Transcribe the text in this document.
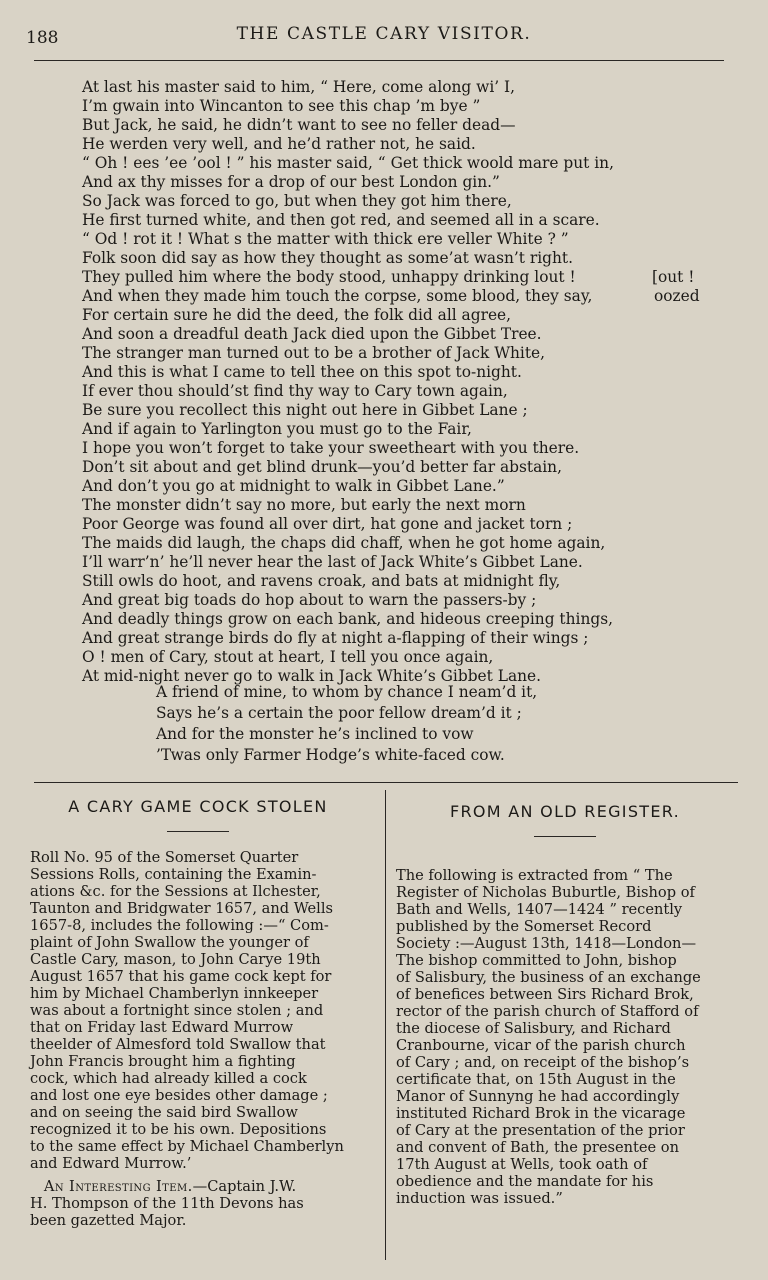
188	THE CASTLE CARY VISITOR.
At last his master said to him, “ Here, come along wi’ I,
I’m gwain into Wincanton to see this chap ’m bye ”
But Jack, he said, he didn’t want to see no feller dead—
He werden very well, and he’d rather not, he said.
“ Oh ! ees ’ee ’ool ! ” his master said, “ Get thick woold mare put in,
And ax thy misses for a drop of our best London gin.”
So Jack was forced to go, but when they got him there,
He first turned white, and then got red, and seemed all in a scare.
“ Od ! rot it ! What s the matter with thick ere veller White ? ”
Folk soon did say as how they thought as some’at wasn’t right.
They pulled him where the body stood, unhappy drinking lout !	[out !
And when they made him touch the corpse, some blood, they say,	oozed
For certain sure he did the deed, the folk did all agree,
And soon a dreadful death Jack died upon the Gibbet Tree.
The stranger man turned out to be a brother of Jack White,
And this is what I came to tell thee on this spot to-night.
If ever thou should’st find thy way to Cary town again,
Be sure you recollect this night out here in Gibbet Lane ;
And if again to Yarlington you must go to the Fair,
I hope you won’t forget to take your sweetheart with you there.
Don’t sit about and get blind drunk—you’d better far abstain,
And don’t you go at midnight to walk in Gibbet Lane.”
The monster didn’t say no more, but early the next morn
Poor George was found all over dirt, hat gone and jacket torn ;
The maids did laugh, the chaps did chaff, when he got home again,
I’ll warr’n’ he’ll never hear the last of Jack White’s Gibbet Lane.
Still owls do hoot, and ravens croak, and bats at midnight fly,
And great big toads do hop about to warn the passers-by ;
And deadly things grow on each bank, and hideous creeping things,
And great strange birds do fly at night a-flapping of their wings ;
O ! men of Cary, stout at heart, I tell you once again,
At mid-night never go to walk in Jack White’s Gibbet Lane.
A friend of mine, to whom by chance I neam’d it,
Says he’s a certain the poor fellow dream’d it ;
And for the monster he’s inclined to vow
’Twas only Farmer Hodge’s white-faced cow.
A CARY GAME COCK STOLEN
Roll No. 95 of the Somerset Quarter
Sessions Rolls, containing the Examin-
ations &c. for the Sessions at Ilchester,
Taunton and Bridgwater 1657, and Wells
1657-8, includes the following :—“ Com-
plaint of John Swallow the younger of
Castle Cary, mason, to John Carye 19th
August 1657 that his game cock kept for
him by Michael Chamberlyn innkeeper
was about a fortnight since stolen ; and
that on Friday last Edward Murrow
theelder of Almesford told Swallow that
John Francis brought him a fighting
cock, which had already killed a cock
and lost one eye besides other damage ;
and on seeing the said bird Swallow
recognized it to be his own. Depositions
to the same effect by Michael Chamberlyn
and Edward Murrow.’
An Interesting Item.—Captain J.W.
H. Thompson of the 11th Devons has
been gazetted Major.
FROM AN OLD REGISTER.
The following is extracted from “ The
Register of Nicholas Buburtle, Bishop of
Bath and Wells, 1407—1424 ” recently
published by the Somerset Record
Society :—August 13th, 1418—London—
The bishop committed to John, bishop
of Salisbury, the business of an exchange
of benefices between Sirs Richard Brok,
rector of the parish church of Stafford of
the diocese of Salisbury, and Richard
Cranbourne, vicar of the parish church
of Cary ; and, on receipt of the bishop’s
certificate that, on 15th August in the
Manor of Sunnyng he had accordingly
instituted Richard Brok in the vicarage
of Cary at the presentation of the prior
and convent of Bath, the presentee on
17th August at Wells, took oath of
obedience and the mandate for his
induction was issued.”
